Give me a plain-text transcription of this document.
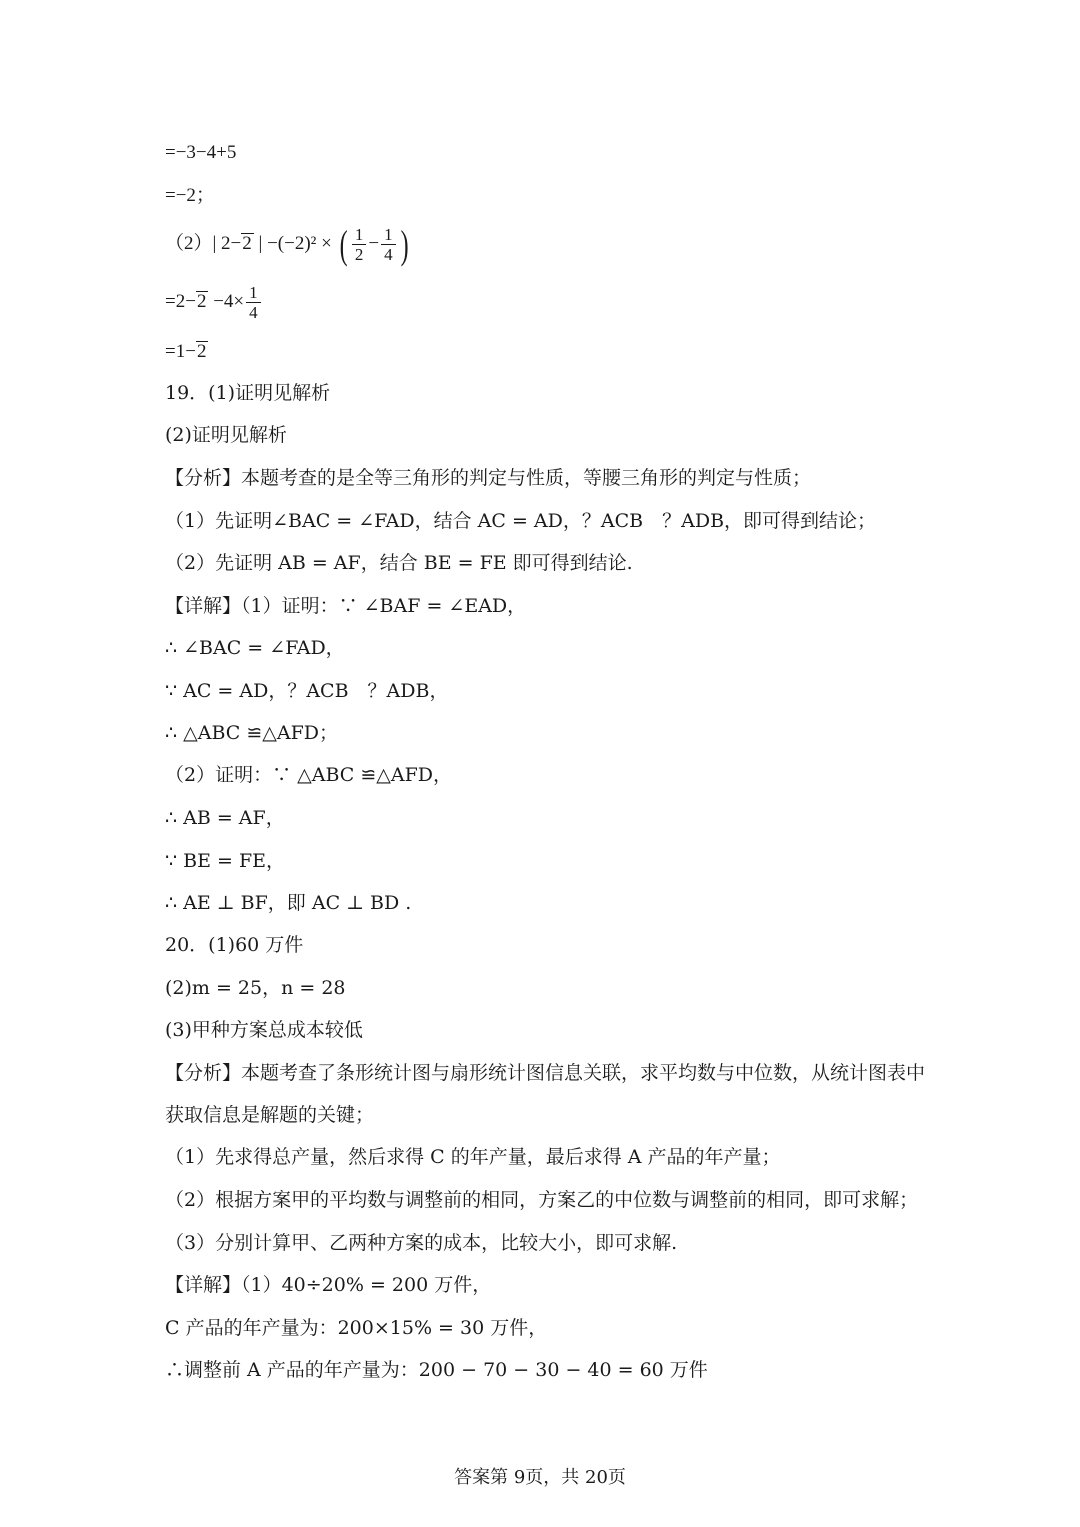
=−3−4+5
=−2；
（2）| 2−2 | −(−2)² × ( $\frac{1}{2} - \frac{1}{4}$ )
$=2-2 -4\times \frac{1}{4}$
=1−2
19．(1)证明见解析
(2)证明见解析
【分析】本题考查的是全等三角形的判定与性质，等腰三角形的判定与性质；
（1）先证明∠BAC = ∠FAD，结合 AC = AD，？ACB　？ADB，即可得到结论；
（2）先证明 AB = AF，结合 BE = FE 即可得到结论.
【详解】（1）证明：∵ ∠BAF = ∠EAD，
∴ ∠BAC = ∠FAD，
∵ AC = AD，？ACB　？ADB，
∴ △ABC ≌△AFD；
（2）证明：∵ △ABC ≌△AFD，
∴ AB = AF，
∵ BE = FE，
∴ AE ⊥ BF，即 AC ⊥ BD .
20．(1)60 万件
(2)m = 25，n = 28
(3)甲种方案总成本较低
【分析】本题考查了条形统计图与扇形统计图信息关联，求平均数与中位数，从统计图表中
获取信息是解题的关键；
（1）先求得总产量，然后求得 C 的年产量，最后求得 A 产品的年产量；
（2）根据方案甲的平均数与调整前的相同，方案乙的中位数与调整前的相同，即可求解；
（3）分别计算甲、乙两种方案的成本，比较大小，即可求解.
【详解】（1）40÷20% = 200 万件，
C 产品的年产量为：200×15% = 30 万件，
∴调整前 A 产品的年产量为：200 − 70 − 30 − 40 = 60 万件
答案第 9页，共 20页
